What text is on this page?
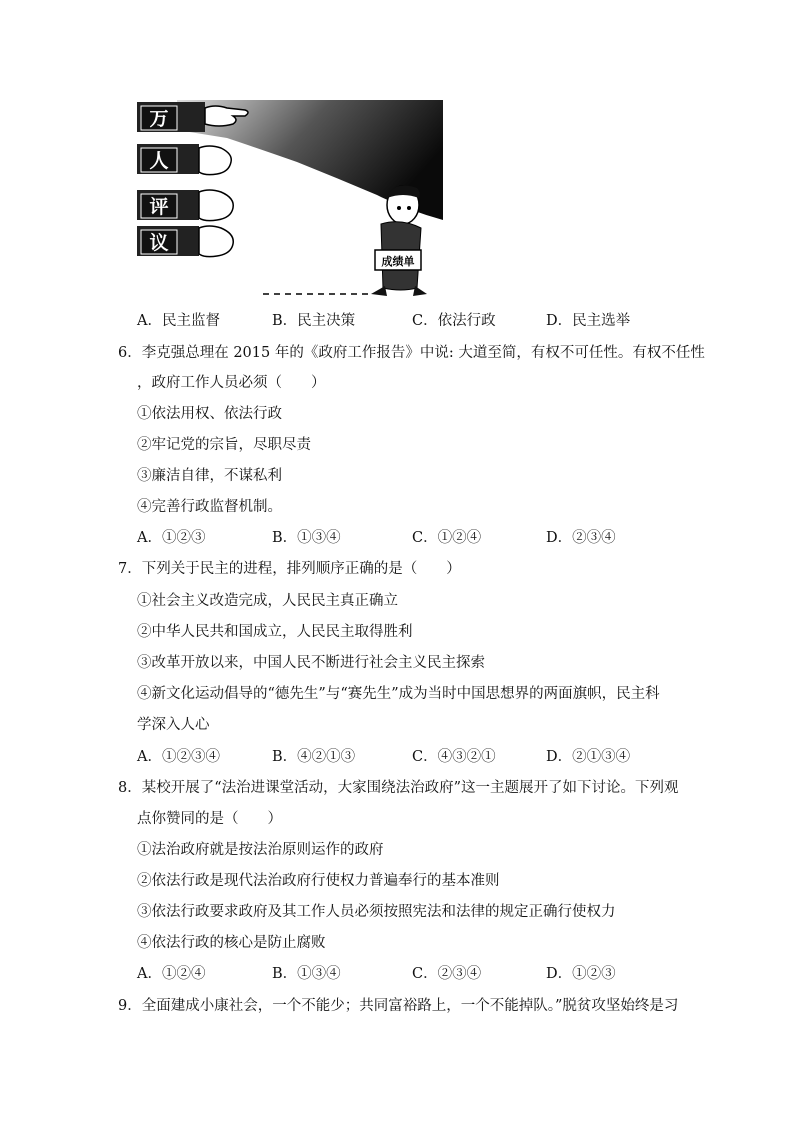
万
人
评
议
成绩单
A．民主监督	B．民主决策	C．依法行政	D．民主选举
6．李克强总理在 2015 年的《政府工作报告》中说: 大道至简，有权不可任性。有权不任性
，政府工作人员必须（　　）
①依法用权、依法行政
②牢记党的宗旨，尽职尽责
③廉洁自律，不谋私利
④完善行政监督机制。
A．①②③	B．①③④	C．①②④	D．②③④
7．下列关于民主的进程，排列顺序正确的是（　　）
①社会主义改造完成，人民民主真正确立
②中华人民共和国成立，人民民主取得胜利
③改革开放以来，中国人民不断进行社会主义民主探索
④新文化运动倡导的“德先生”与“赛先生”成为当时中国思想界的两面旗帜，民主科
学深入人心
A．①②③④	B．④②①③	C．④③②①	D．②①③④
8．某校开展了“法治进课堂活动，大家围绕法治政府”这一主题展开了如下讨论。下列观
点你赞同的是（　　）
①法治政府就是按法治原则运作的政府
②依法行政是现代法治政府行使权力普遍奉行的基本准则
③依法行政要求政府及其工作人员必须按照宪法和法律的规定正确行使权力
④依法行政的核心是防止腐败
A．①②④	B．①③④	C．②③④	D．①②③
9．全面建成小康社会，一个不能少；共同富裕路上，一个不能掉队。”脱贫攻坚始终是习
